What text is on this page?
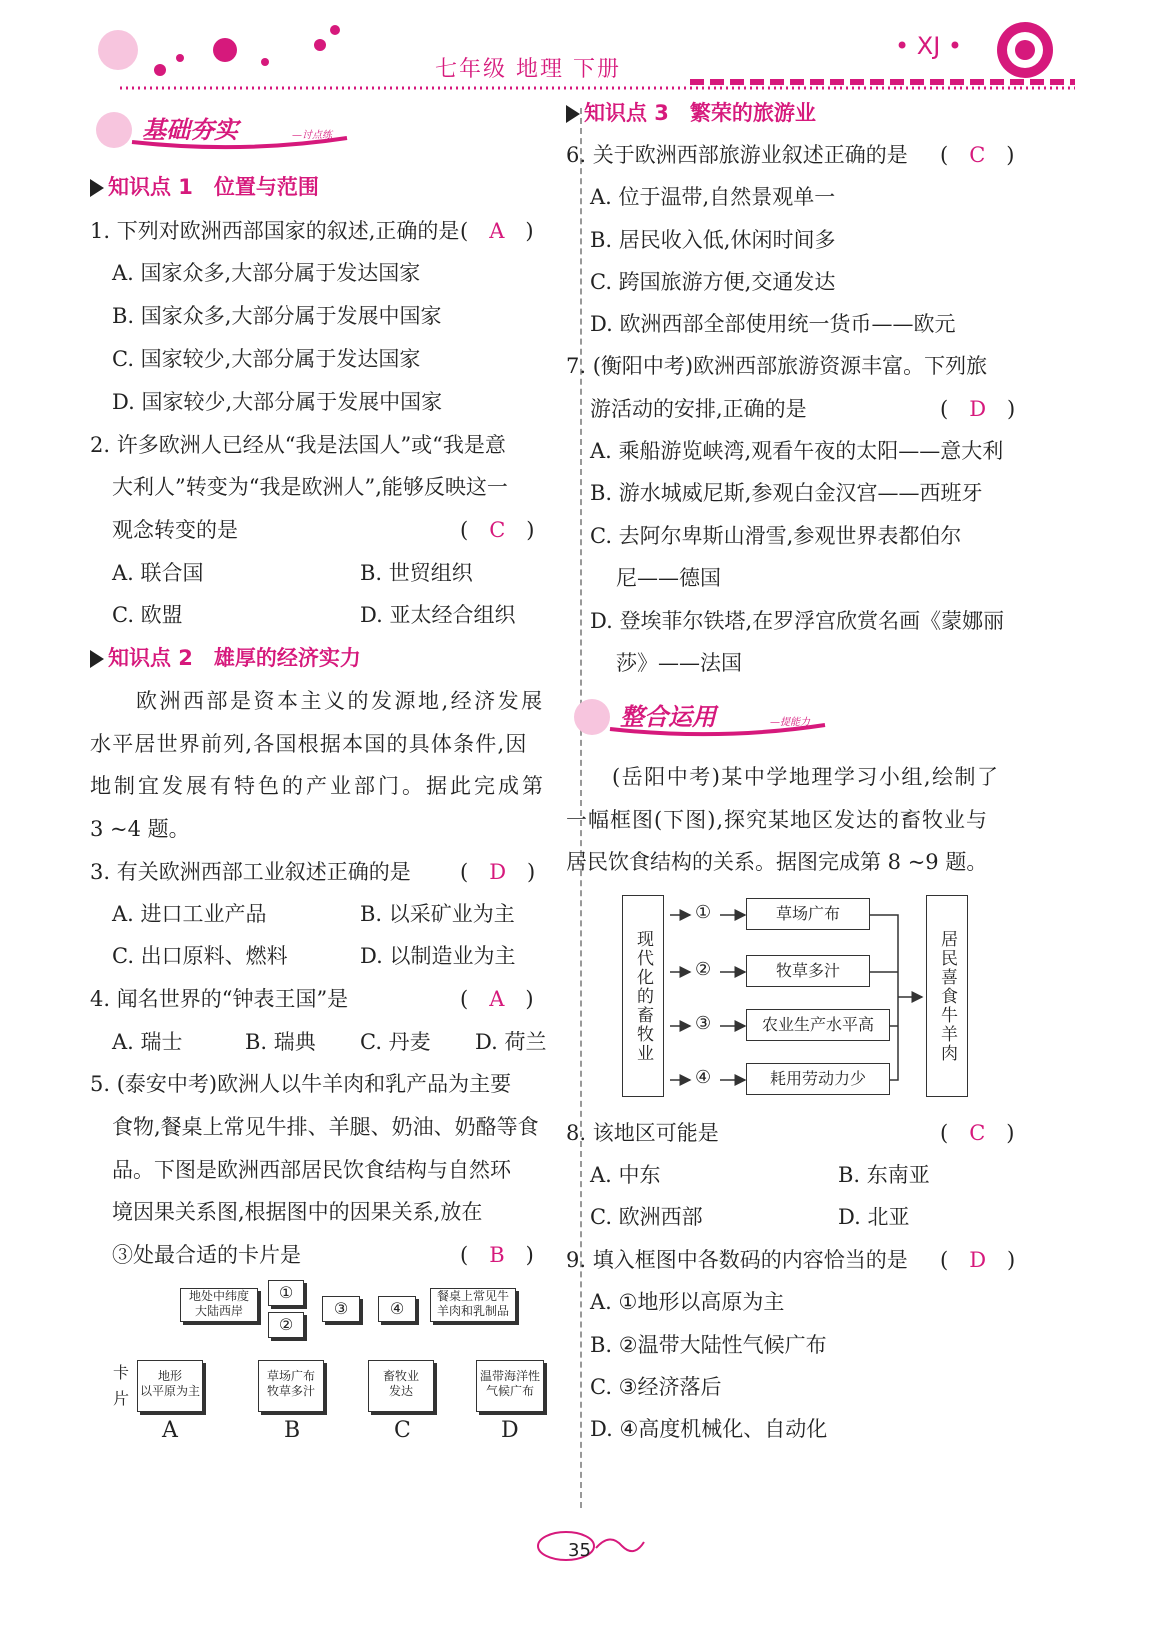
七年级 地理 下册
• XJ •
基础夯实	—讨点练
知识点 1　位置与范围
1. 下列对欧洲西部国家的叙述,正确的是 (　A　)
A. 国家众多,大部分属于发达国家
B. 国家众多,大部分属于发展中国家
C. 国家较少,大部分属于发达国家
D. 国家较少,大部分属于发展中国家
2. 许多欧洲人已经从“我是法国人”或“我是意
大利人”转变为“我是欧洲人”,能够反映这一
观念转变的是	(　C　)
A. 联合国	B. 世贸组织
C. 欧盟	D. 亚太经合组织
知识点 2　雄厚的经济实力
欧洲西部是资本主义的发源地,经济发展
水平居世界前列,各国根据本国的具体条件,因
地制宜发展有特色的产业部门。据此完成第
3 ~4 题。
3. 有关欧洲西部工业叙述正确的是 (　D　)
A. 进口工业产品	B. 以采矿业为主
C. 出口原料、燃料	D. 以制造业为主
4. 闻名世界的“钟表王国”是	(　A　)
A. 瑞士	B. 瑞典 C. 丹麦 D. 荷兰
5. (泰安中考)欧洲人以牛羊肉和乳产品为主要
食物,餐桌上常见牛排、羊腿、奶油、奶酪等食
品。下图是欧洲西部居民饮食结构与自然环
境因果关系图,根据图中的因果关系,放在
③处最合适的卡片是	(　B　)
地处中纬度
大陆西岸
①
②
③	④
餐桌上常见牛
羊肉和乳制品
卡
片
地形
以平原为主
草场广布
牧草多汁
畜牧业
发达
温带海洋性
气候广布
A	B	C	D
知识点 3　繁荣的旅游业
6. 关于欧洲西部旅游业叙述正确的是 (　C　)
A. 位于温带,自然景观单一
B. 居民收入低,休闲时间多
C. 跨国旅游方便,交通发达
D. 欧洲西部全部使用统一货币——欧元
7. (衡阳中考)欧洲西部旅游资源丰富。下列旅
游活动的安排,正确的是	(　D　)
A. 乘船游览峡湾,观看午夜的太阳——意大利
B. 游水城威尼斯,参观白金汉宫——西班牙
C. 去阿尔卑斯山滑雪,参观世界表都伯尔
尼——德国
D. 登埃菲尔铁塔,在罗浮宫欣赏名画《蒙娜丽
莎》——法国
整合运用	—提能力
(岳阳中考)某中学地理学习小组,绘制了
一幅框图(下图),探究某地区发达的畜牧业与
居民饮食结构的关系。据图完成第 8 ~9 题。
现代化的畜牧业
①
②
③
④
草场广布
牧草多汁
农业生产水平高
耗用劳动力少
居民喜食牛羊肉
8. 该地区可能是	(　C　)
A. 中东	B. 东南亚
C. 欧洲西部	D. 北亚
9. 填入框图中各数码的内容恰当的是 (　D　)
A. ①地形以高原为主
B. ②温带大陆性气候广布
C. ③经济落后
D. ④高度机械化、自动化
35
